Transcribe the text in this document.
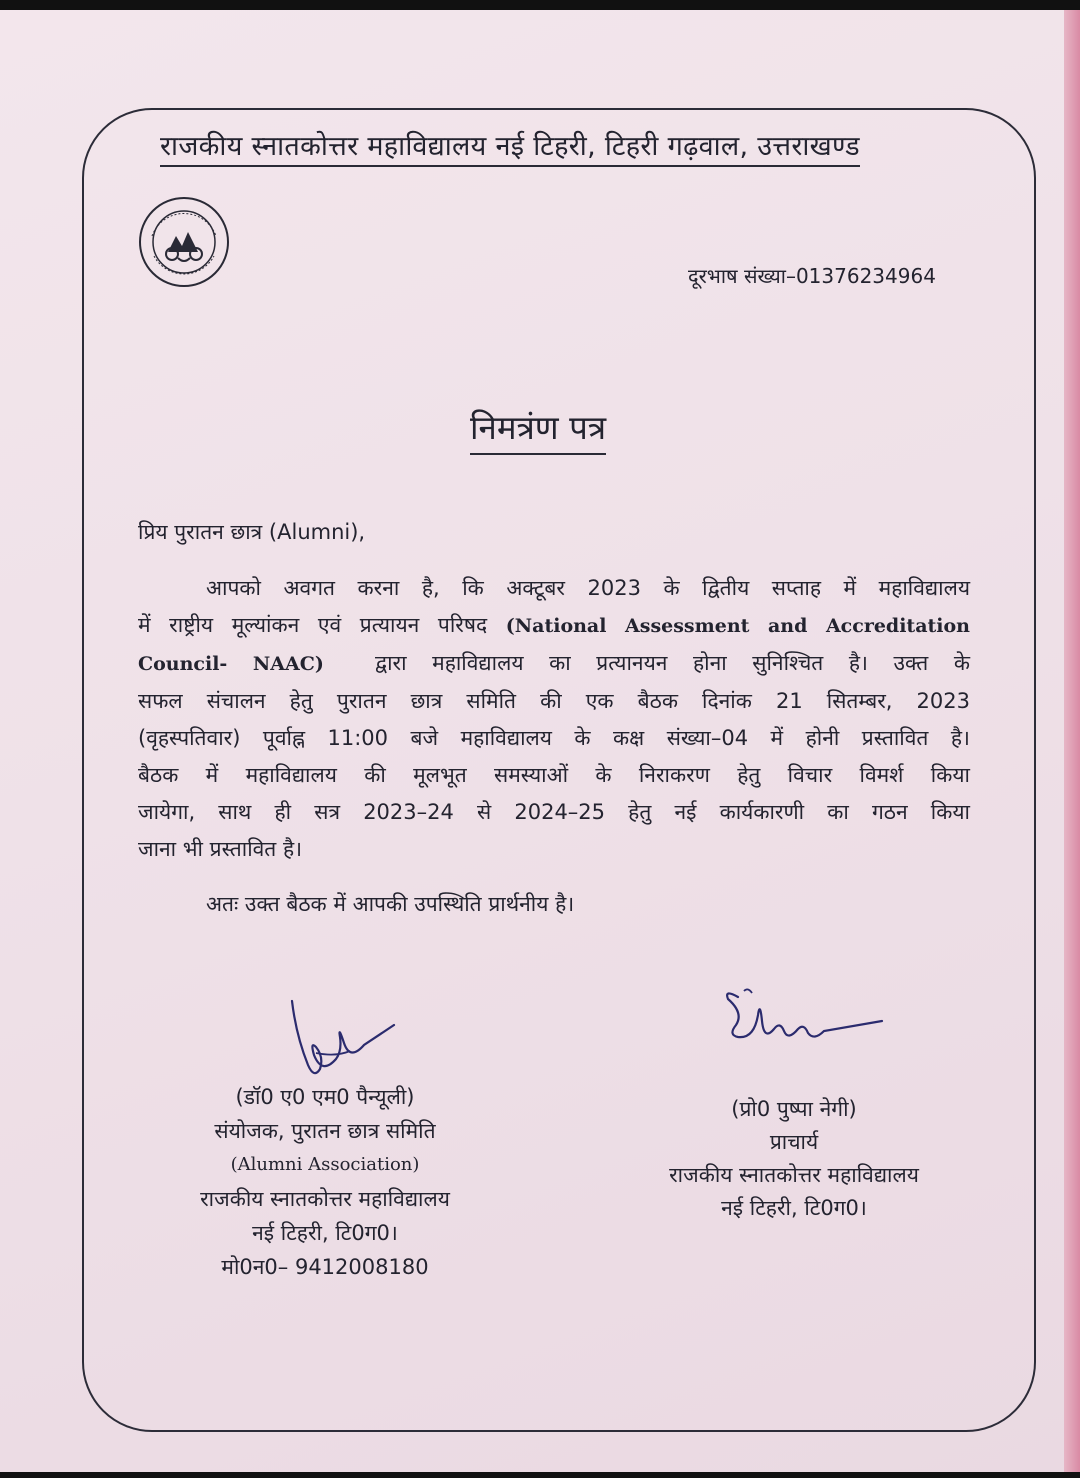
राजकीय स्नातकोत्तर महाविद्यालय नई टिहरी, टिहरी गढ़वाल, उत्तराखण्ड
दूरभाष संख्या–01376234964
निमत्रंण पत्र
प्रिय पुरातन छात्र (Alumni),
आपको अवगत करना है, कि अक्टूबर 2023 के द्वितीय सप्ताह में महाविद्यालय
में राष्ट्रीय मूल्यांकन एवं प्रत्यायन परिषद (National Assessment and Accreditation
Council- NAAC) द्वारा महाविद्यालय का प्रत्यानयन होना सुनिश्चित है। उक्त के
सफल संचालन हेतु पुरातन छात्र समिति की एक बैठक दिनांक 21 सितम्बर, 2023
(वृहस्पतिवार) पूर्वाह्न 11:00 बजे महाविद्यालय के कक्ष संख्या–04 में होनी प्रस्तावित है।
बैठक में महाविद्यालय की मूलभूत समस्याओं के निराकरण हेतु विचार विमर्श किया
जायेगा, साथ ही सत्र 2023–24 से 2024–25 हेतु नई कार्यकारणी का गठन किया
जाना भी प्रस्तावित है।
अतः उक्त बैठक में आपकी उपस्थिति प्रार्थनीय है।
(डॉ0 ए0 एम0 पैन्यूली)
संयोजक, पुरातन छात्र समिति
(Alumni Association)
राजकीय स्नातकोत्तर महाविद्यालय
नई टिहरी, टि0ग0।
मो0न0– 9412008180
(प्रो0 पुष्पा नेगी)
प्राचार्य
राजकीय स्नातकोत्तर महाविद्यालय
नई टिहरी, टि0ग0।
